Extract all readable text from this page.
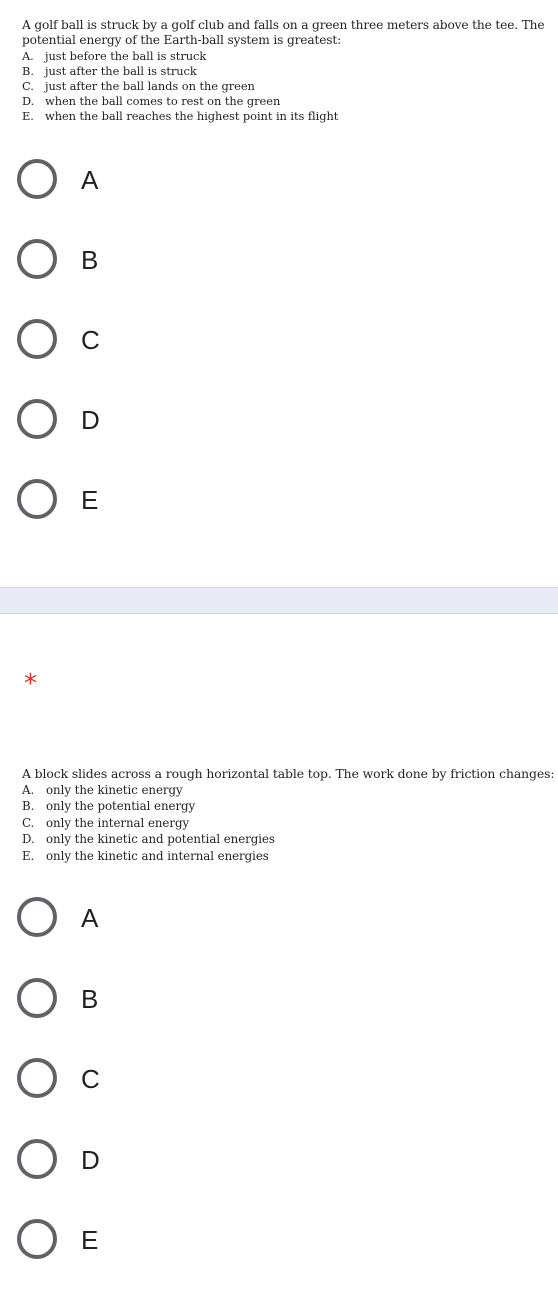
A golf ball is struck by a golf club and falls on a green three meters above the tee. The potential energy of the Earth-ball system is greatest:

A. just before the ball is struck
B. just after the ball is struck
C. just after the ball lands on the green
D. when the ball comes to rest on the green
E. when the ball reaches the highest point in its flight
A
B
C
D
E
*

A block slides across a rough horizontal table top. The work done by friction changes:

A.	only the kinetic energy
B. only the potential energy
C. only the internal energy
D. only the kinetic and potential energies
E. only the kinetic and internal energies
A
B
C
D
E
